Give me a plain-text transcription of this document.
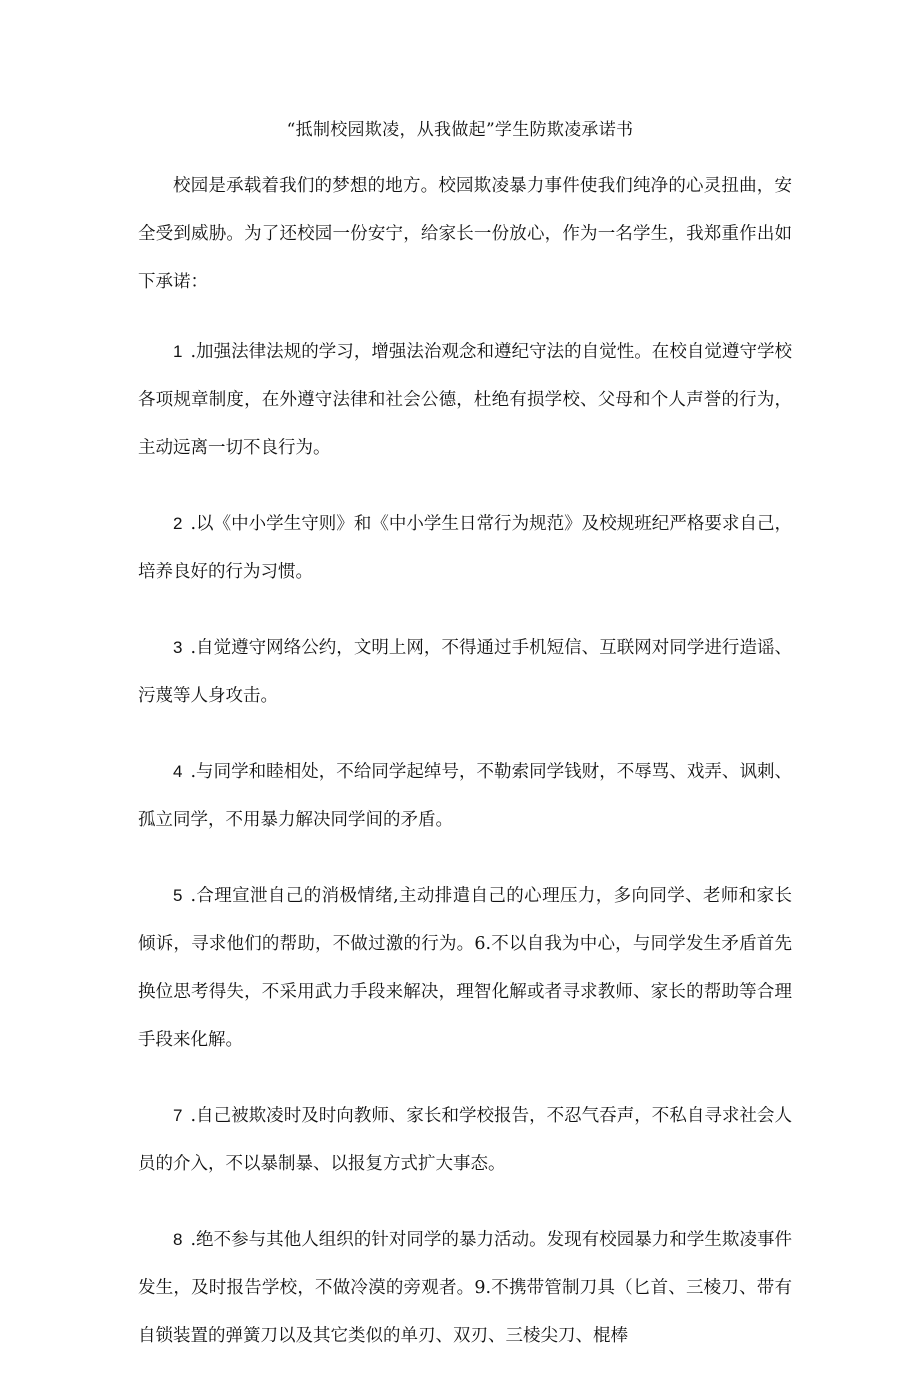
“抵制校园欺凌，从我做起”学生防欺凌承诺书

校园是承载着我们的梦想的地方。校园欺凌暴力事件使我们纯净的心灵扭曲，安全受到威胁。为了还校园一份安宁，给家长一份放心，作为一名学生，我郑重作出如下承诺：

1 .加强法律法规的学习，增强法治观念和遵纪守法的自觉性。在校自觉遵守学校各项规章制度，在外遵守法律和社会公德，杜绝有损学校、父母和个人声誉的行为，主动远离一切不良行为。

2 .以《中小学生守则》和《中小学生日常行为规范》及校规班纪严格要求自己，培养良好的行为习惯。

3 .自觉遵守网络公约，文明上网，不得通过手机短信、互联网对同学进行造谣、污蔑等人身攻击。

4 .与同学和睦相处，不给同学起绰号，不勒索同学钱财，不辱骂、戏弄、讽刺、孤立同学，不用暴力解决同学间的矛盾。

5 .合理宣泄自己的消极情绪,主动排遣自己的心理压力，多向同学、老师和家长倾诉，寻求他们的帮助，不做过激的行为。6.不以自我为中心，与同学发生矛盾首先换位思考得失，不采用武力手段来解决，理智化解或者寻求教师、家长的帮助等合理手段来化解。

7 .自己被欺凌时及时向教师、家长和学校报告，不忍气吞声，不私自寻求社会人员的介入，不以暴制暴、以报复方式扩大事态。

8 .绝不参与其他人组织的针对同学的暴力活动。发现有校园暴力和学生欺凌事件发生，及时报告学校，不做冷漠的旁观者。9.不携带管制刀具（匕首、三棱刀、带有自锁装置的弹簧刀以及其它类似的单刃、双刃、三棱尖刀、棍棒
